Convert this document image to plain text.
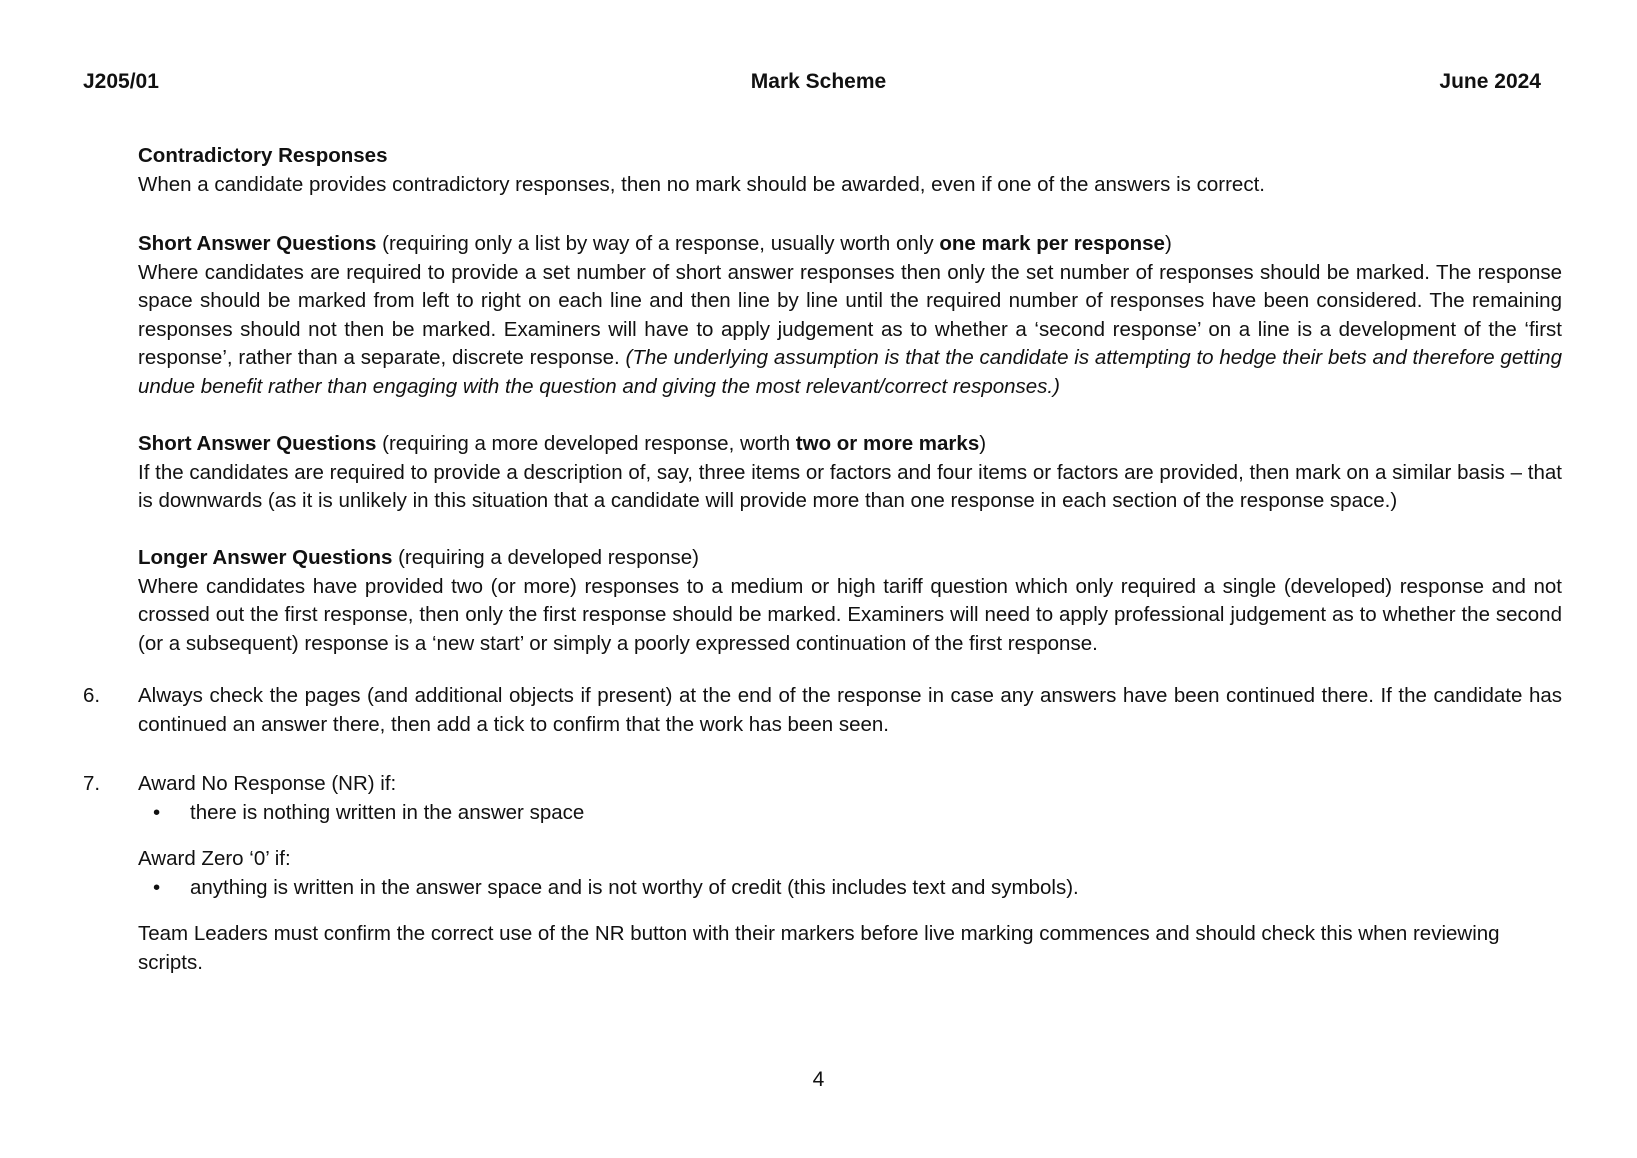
J205/01	Mark Scheme	June 2024

Contradictory Responses

When a candidate provides contradictory responses, then no mark should be awarded, even if one of the answers is correct.

Short Answer Questions (requiring only a list by way of a response, usually worth only one mark per response)

Where candidates are required to provide a set number of short answer responses then only the set number of responses should be marked. The response space should be marked from left to right on each line and then line by line until the required number of responses have been considered. The remaining responses should not then be marked. Examiners will have to apply judgement as to whether a ‘second response’ on a line is a development of the ‘first response’, rather than a separate, discrete response. (The underlying assumption is that the candidate is attempting to hedge their bets and therefore getting undue benefit rather than engaging with the question and giving the most relevant/correct responses.)

Short Answer Questions (requiring a more developed response, worth two or more marks)

If the candidates are required to provide a description of, say, three items or factors and four items or factors are provided, then mark on a similar basis – that is downwards (as it is unlikely in this situation that a candidate will provide more than one response in each section of the response space.)

Longer Answer Questions (requiring a developed response)

Where candidates have provided two (or more) responses to a medium or high tariff question which only required a single (developed) response and not crossed out the first response, then only the first response should be marked. Examiners will need to apply professional judgement as to whether the second (or a subsequent) response is a ‘new start’ or simply a poorly expressed continuation of the first response.

6. Always check the pages (and additional objects if present) at the end of the response in case any answers have been continued there. If the candidate has continued an answer there, then add a tick to confirm that the work has been seen.

7. Award No Response (NR) if:

• there is nothing written in the answer space

Award Zero ‘0’ if:

• anything is written in the answer space and is not worthy of credit (this includes text and symbols).

Team Leaders must confirm the correct use of the NR button with their markers before live marking commences and should check this when reviewing scripts.

4
